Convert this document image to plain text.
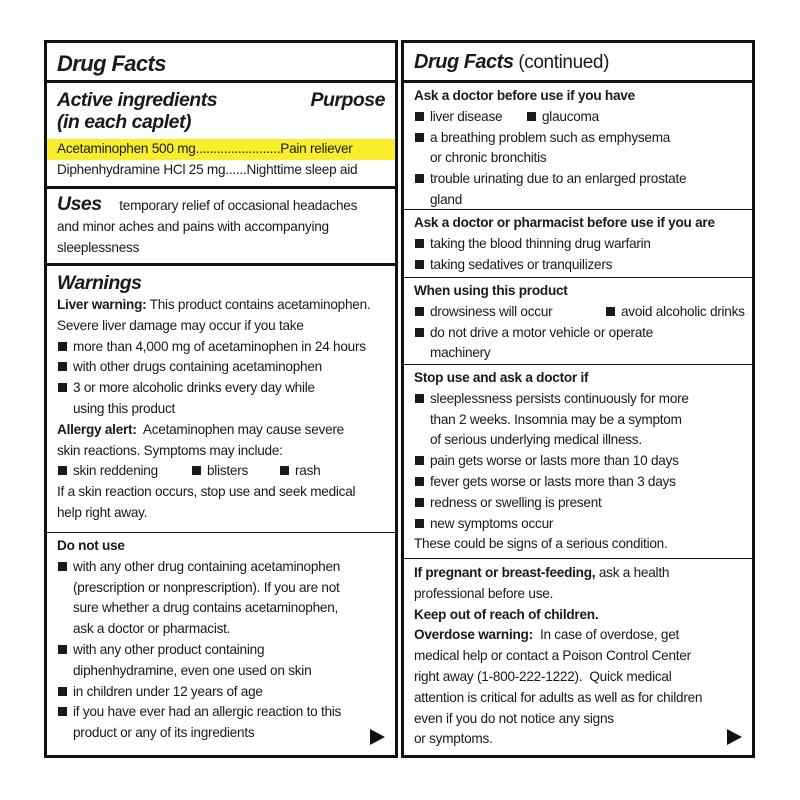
Drug Facts
Active ingredients	Purpose
(in each caplet)
Acetaminophen 500 mg........................Pain reliever
Diphenhydramine HCl 25 mg......Nighttime sleep aid
Uses temporary relief of occasional headaches
and minor aches and pains with accompanying
sleeplessness
Warnings
Liver warning: This product contains acetaminophen.
Severe liver damage may occur if you take
more than 4,000 mg of acetaminophen in 24 hours
with other drugs containing acetaminophen
3 or more alcoholic drinks every day while
using this product
Allergy alert:  Acetaminophen may cause severe
skin reactions. Symptoms may include:
skin reddening	blisters	rash
If a skin reaction occurs, stop use and seek medical
help right away.
Do not use
with any other drug containing acetaminophen
(prescription or nonprescription). If you are not
sure whether a drug contains acetaminophen,
ask a doctor or pharmacist.
with any other product containing
diphenhydramine, even one used on skin
in children under 12 years of age
if you have ever had an allergic reaction to this
product or any of its ingredients
Drug Facts (continued)
Ask a doctor before use if you have
liver disease	glaucoma
a breathing problem such as emphysema
or chronic bronchitis
trouble urinating due to an enlarged prostate
gland
Ask a doctor or pharmacist before use if you are
taking the blood thinning drug warfarin
taking sedatives or tranquilizers
When using this product
drowsiness will occur	avoid alcoholic drinks
do not drive a motor vehicle or operate
machinery
Stop use and ask a doctor if
sleeplessness persists continuously for more
than 2 weeks. Insomnia may be a symptom
of serious underlying medical illness.
pain gets worse or lasts more than 10 days
fever gets worse or lasts more than 3 days
redness or swelling is present
new symptoms occur
These could be signs of a serious condition.
If pregnant or breast-feeding, ask a health
professional before use.
Keep out of reach of children.
Overdose warning:  In case of overdose, get
medical help or contact a Poison Control Center
right away (1-800-222-1222).  Quick medical
attention is critical for adults as well as for children
even if you do not notice any signs
or symptoms.
